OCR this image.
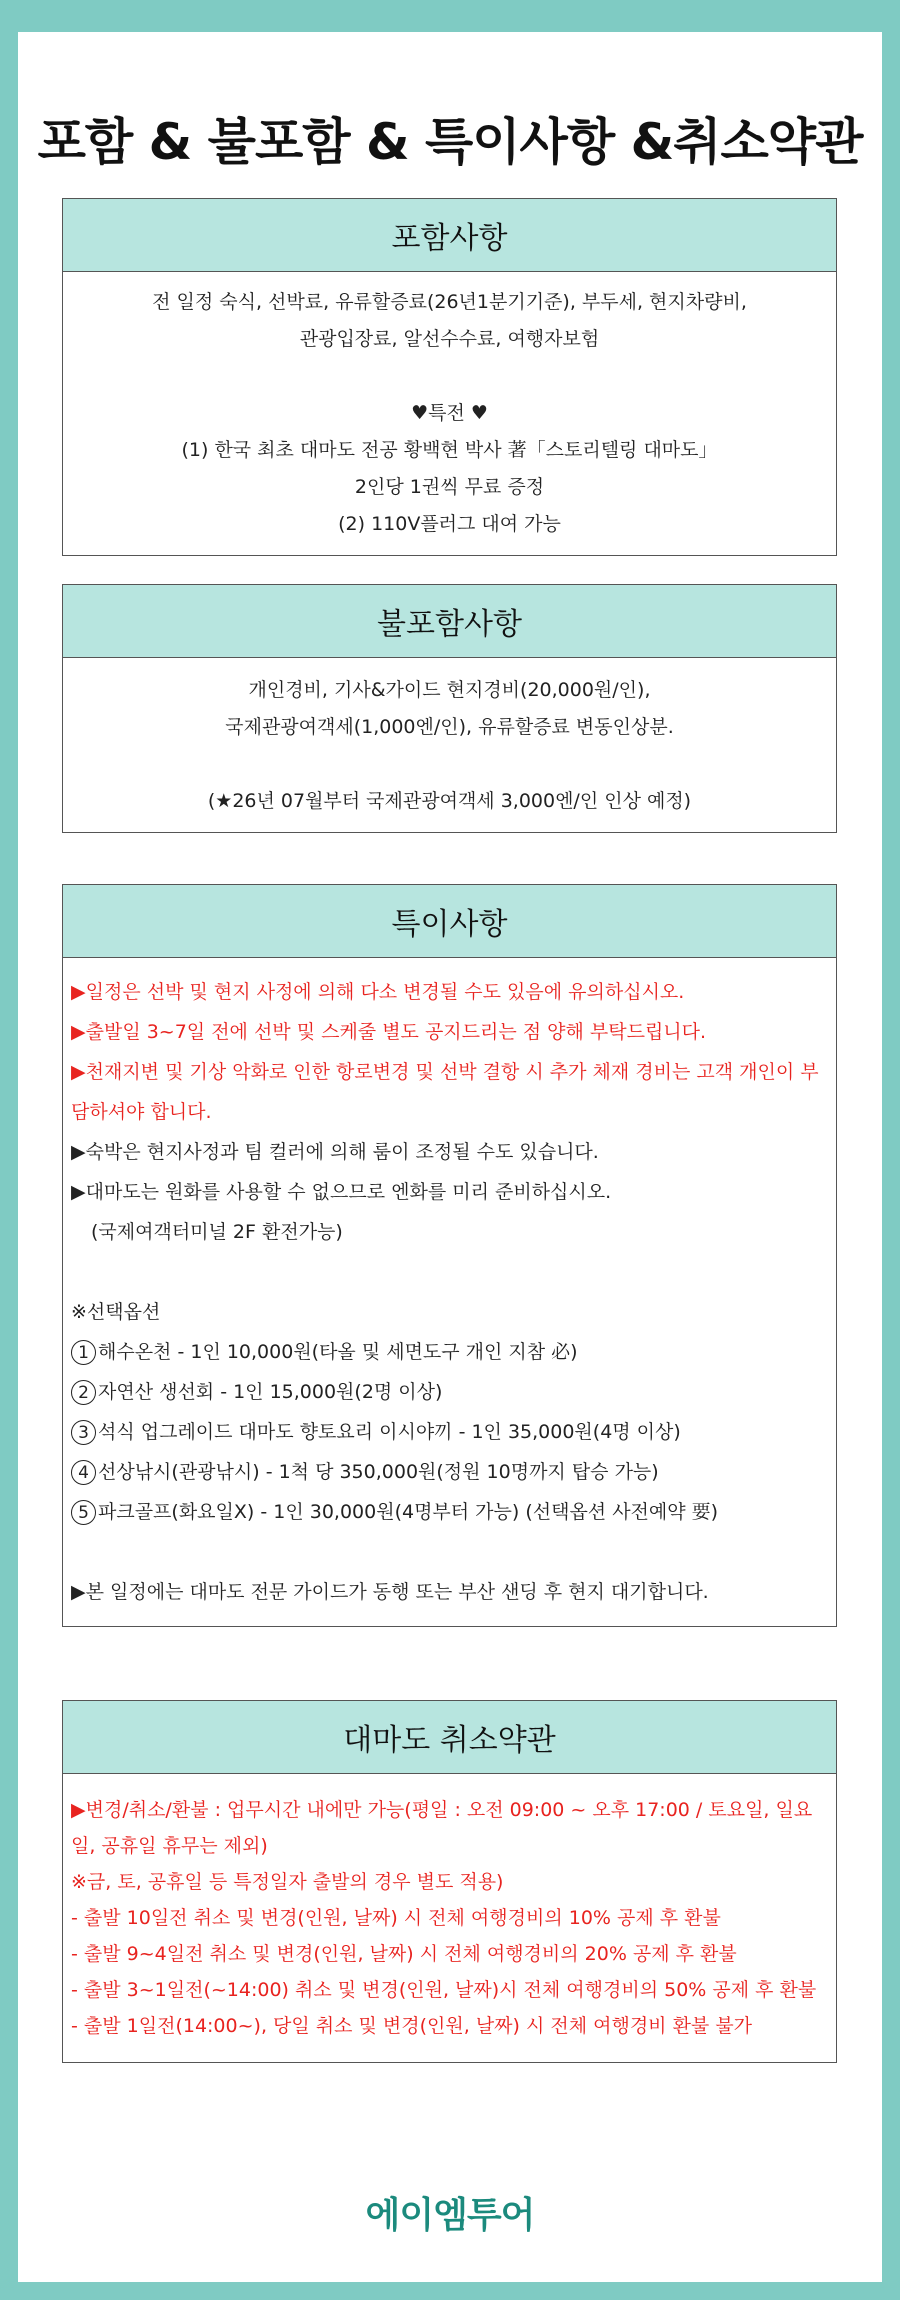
포함 & 불포함 & 특이사항 &취소약관
포함사항
전 일정 숙식, 선박료, 유류할증료(26년1분기기준), 부두세, 현지차량비,
관광입장료, 알선수수료, 여행자보험
♥특전 ♥
(1) 한국 최초 대마도 전공 황백현 박사 著「스토리텔링 대마도」
2인당 1권씩 무료 증정
(2) 110V플러그 대여 가능
불포함사항
개인경비, 기사&가이드 현지경비(20,000원/인),
국제관광여객세(1,000엔/인), 유류할증료 변동인상분.
(★26년 07월부터 국제관광여객세 3,000엔/인 인상 예정)
특이사항
▶일정은 선박 및 현지 사정에 의해 다소 변경될 수도 있음에 유의하십시오.
▶출발일 3~7일 전에 선박 및 스케줄 별도 공지드리는 점 양해 부탁드립니다.
▶천재지변 및 기상 악화로 인한 항로변경 및 선박 결항 시 추가 체재 경비는 고객 개인이 부담하셔야 합니다.
▶숙박은 현지사정과 팀 컬러에 의해 룸이 조정될 수도 있습니다.
▶대마도는 원화를 사용할 수 없으므로 엔화를 미리 준비하십시오.
(국제여객터미널 2F 환전가능)
※선택옵션
1 해수온천 - 1인 10,000원(타올 및 세면도구 개인 지참 必)
2 자연산 생선회 - 1인 15,000원(2명 이상)
3 석식 업그레이드 대마도 향토요리 이시야끼 - 1인 35,000원(4명 이상)
4 선상낚시(관광낚시) - 1척 당 350,000원(정원 10명까지 탑승 가능)
5 파크골프(화요일X) - 1인 30,000원(4명부터 가능) (선택옵션 사전예약 要)
▶본 일정에는 대마도 전문 가이드가 동행 또는 부산 샌딩 후 현지 대기합니다.
대마도 취소약관
▶변경/취소/환불 : 업무시간 내에만 가능(평일 : 오전 09:00 ~ 오후 17:00 / 토요일, 일요일, 공휴일 휴무는 제외)
※금, 토, 공휴일 등 특정일자 출발의 경우 별도 적용)
- 출발 10일전 취소 및 변경(인원, 날짜) 시 전체 여행경비의 10% 공제 후 환불
- 출발 9~4일전 취소 및 변경(인원, 날짜) 시 전체 여행경비의 20% 공제 후 환불
- 출발 3~1일전(~14:00) 취소 및 변경(인원, 날짜)시 전체 여행경비의 50% 공제 후 환불
- 출발 1일전(14:00~), 당일 취소 및 변경(인원, 날짜) 시 전체 여행경비 환불 불가
에이엠투어
